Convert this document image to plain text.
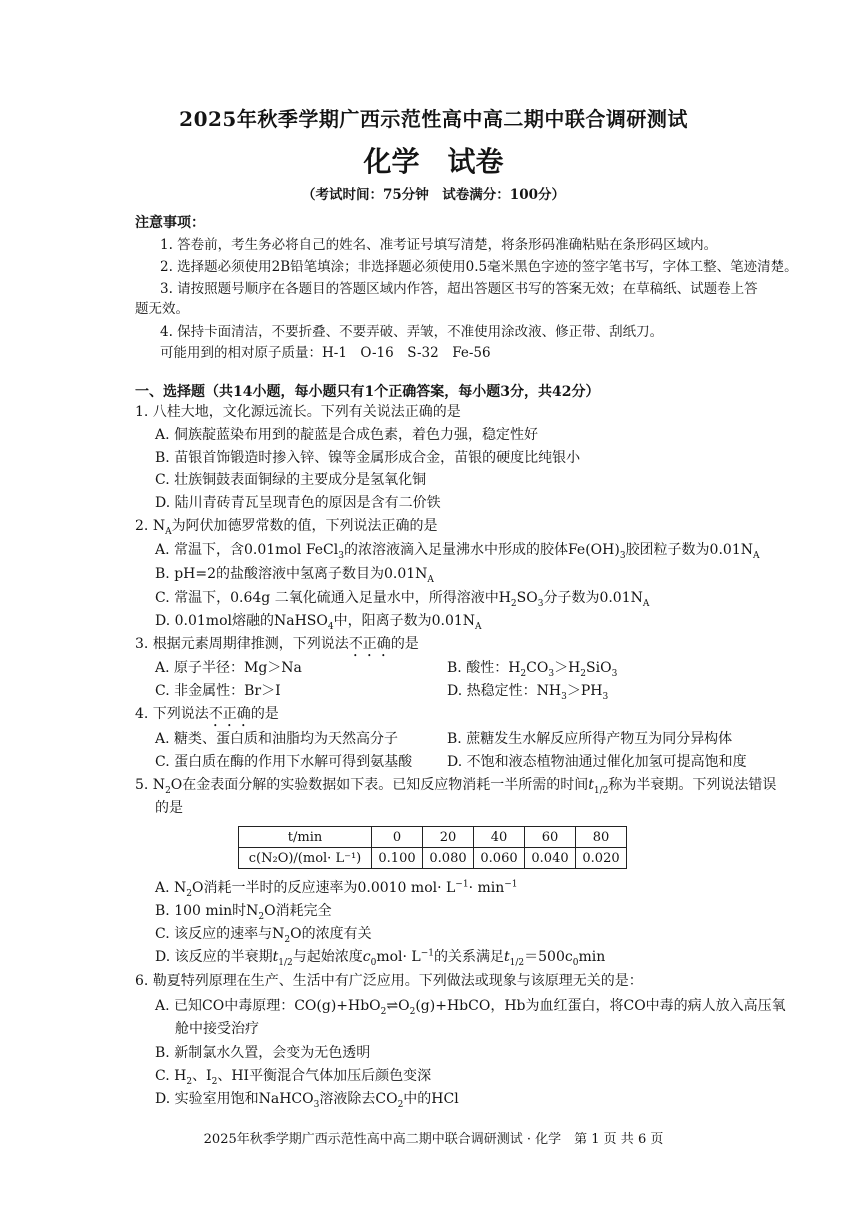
2025年秋季学期广西示范性高中高二期中联合调研测试
化学　试卷
（考试时间：75分钟　试卷满分：100分）
注意事项：
1. 答卷前，考生务必将自己的姓名、准考证号填写清楚，将条形码准确粘贴在条形码区域内。
2. 选择题必须使用2B铅笔填涂；非选择题必须使用0.5毫米黑色字迹的签字笔书写，字体工整、笔迹清楚。
3. 请按照题号顺序在各题目的答题区域内作答，超出答题区书写的答案无效；在草稿纸、试题卷上答
题无效。
4. 保持卡面清洁，不要折叠、不要弄破、弄皱，不准使用涂改液、修正带、刮纸刀。
可能用到的相对原子质量：H-1　O-16　S-32　Fe-56
一、选择题（共14小题，每小题只有1个正确答案，每小题3分，共42分）
1. 八桂大地，文化源远流长。下列有关说法正确的是
A. 侗族靛蓝染布用到的靛蓝是合成色素，着色力强，稳定性好
B. 苗银首饰锻造时掺入锌、镍等金属形成合金，苗银的硬度比纯银小
C. 壮族铜鼓表面铜绿的主要成分是氢氧化铜
D. 陆川青砖青瓦呈现青色的原因是含有二价铁
2. $N_A$为阿伏加德罗常数的值，下列说法正确的是
A. 常温下，含0.01mol FeCl$_3$的浓溶液滴入足量沸水中形成的胶体$Fe(OH)_3$胶团粒子数为$0.01N_A$
B. pH=2的盐酸溶液中氢离子数目为$0.01N_A$
C. 常温下，0.64g 二氧化硫通入足量水中，所得溶液中$H_2SO_3$分子数为$0.01N_A$
D. 0.01mol熔融的NaHSO$_4$中，阳离子数为$0.01N_A$
3. 根据元素周期律推测，下列说法不正确的是
A. 原子半径：Mg＞Na	B. 酸性：$H_2CO_3>H_2SiO_3$
C. 非金属性：Br＞I	D. 热稳定性：$NH_3>PH_3$
4. 下列说法不正确的是
A. 糖类、蛋白质和油脂均为天然高分子	B. 蔗糖发生水解反应所得产物互为同分异构体
C. 蛋白质在酶的作用下水解可得到氨基酸 D. 不饱和液态植物油通过催化加氢可提高饱和度
5. $N_2O$在金表面分解的实验数据如下表。已知反应物消耗一半所需的时间$t_{1/2}$称为半衰期。下列说法错误
的是
t/min	0	20	40	60	80
c(N₂O)/(mol· L⁻¹)	0.100	0.080	0.060	0.040	0.020
A. $N_2O$消耗一半时的反应速率为0.0010 $mol\cdot L^{-1}\cdot \min^{-1}$
B. 100 min时$N_2O$消耗完全
C. 该反应的速率与$N_2O$的浓度有关
D. 该反应的半衰期$t_{1/2}$与起始浓度$c_0mol\cdot L^{-1}$的关系满足$t_{1/2}=500c_0\min$
6. 勒夏特列原理在生产、生活中有广泛应用。下列做法或现象与该原理无关的是：
A. 已知CO中毒原理：$CO(g)+HbO_2\rightleftharpoons O_2(g)+HbCO$，Hb为血红蛋白，将CO中毒的病人放入高压氧
舱中接受治疗
B. 新制氯水久置，会变为无色透明
C. $H_2$、$I_2$、HI平衡混合气体加压后颜色变深
D. 实验室用饱和NaHCO$_3$溶液除去$CO_2$中的HCl
2025年秋季学期广西示范性高中高二期中联合调研测试 · 化学　第 1 页 共 6 页
